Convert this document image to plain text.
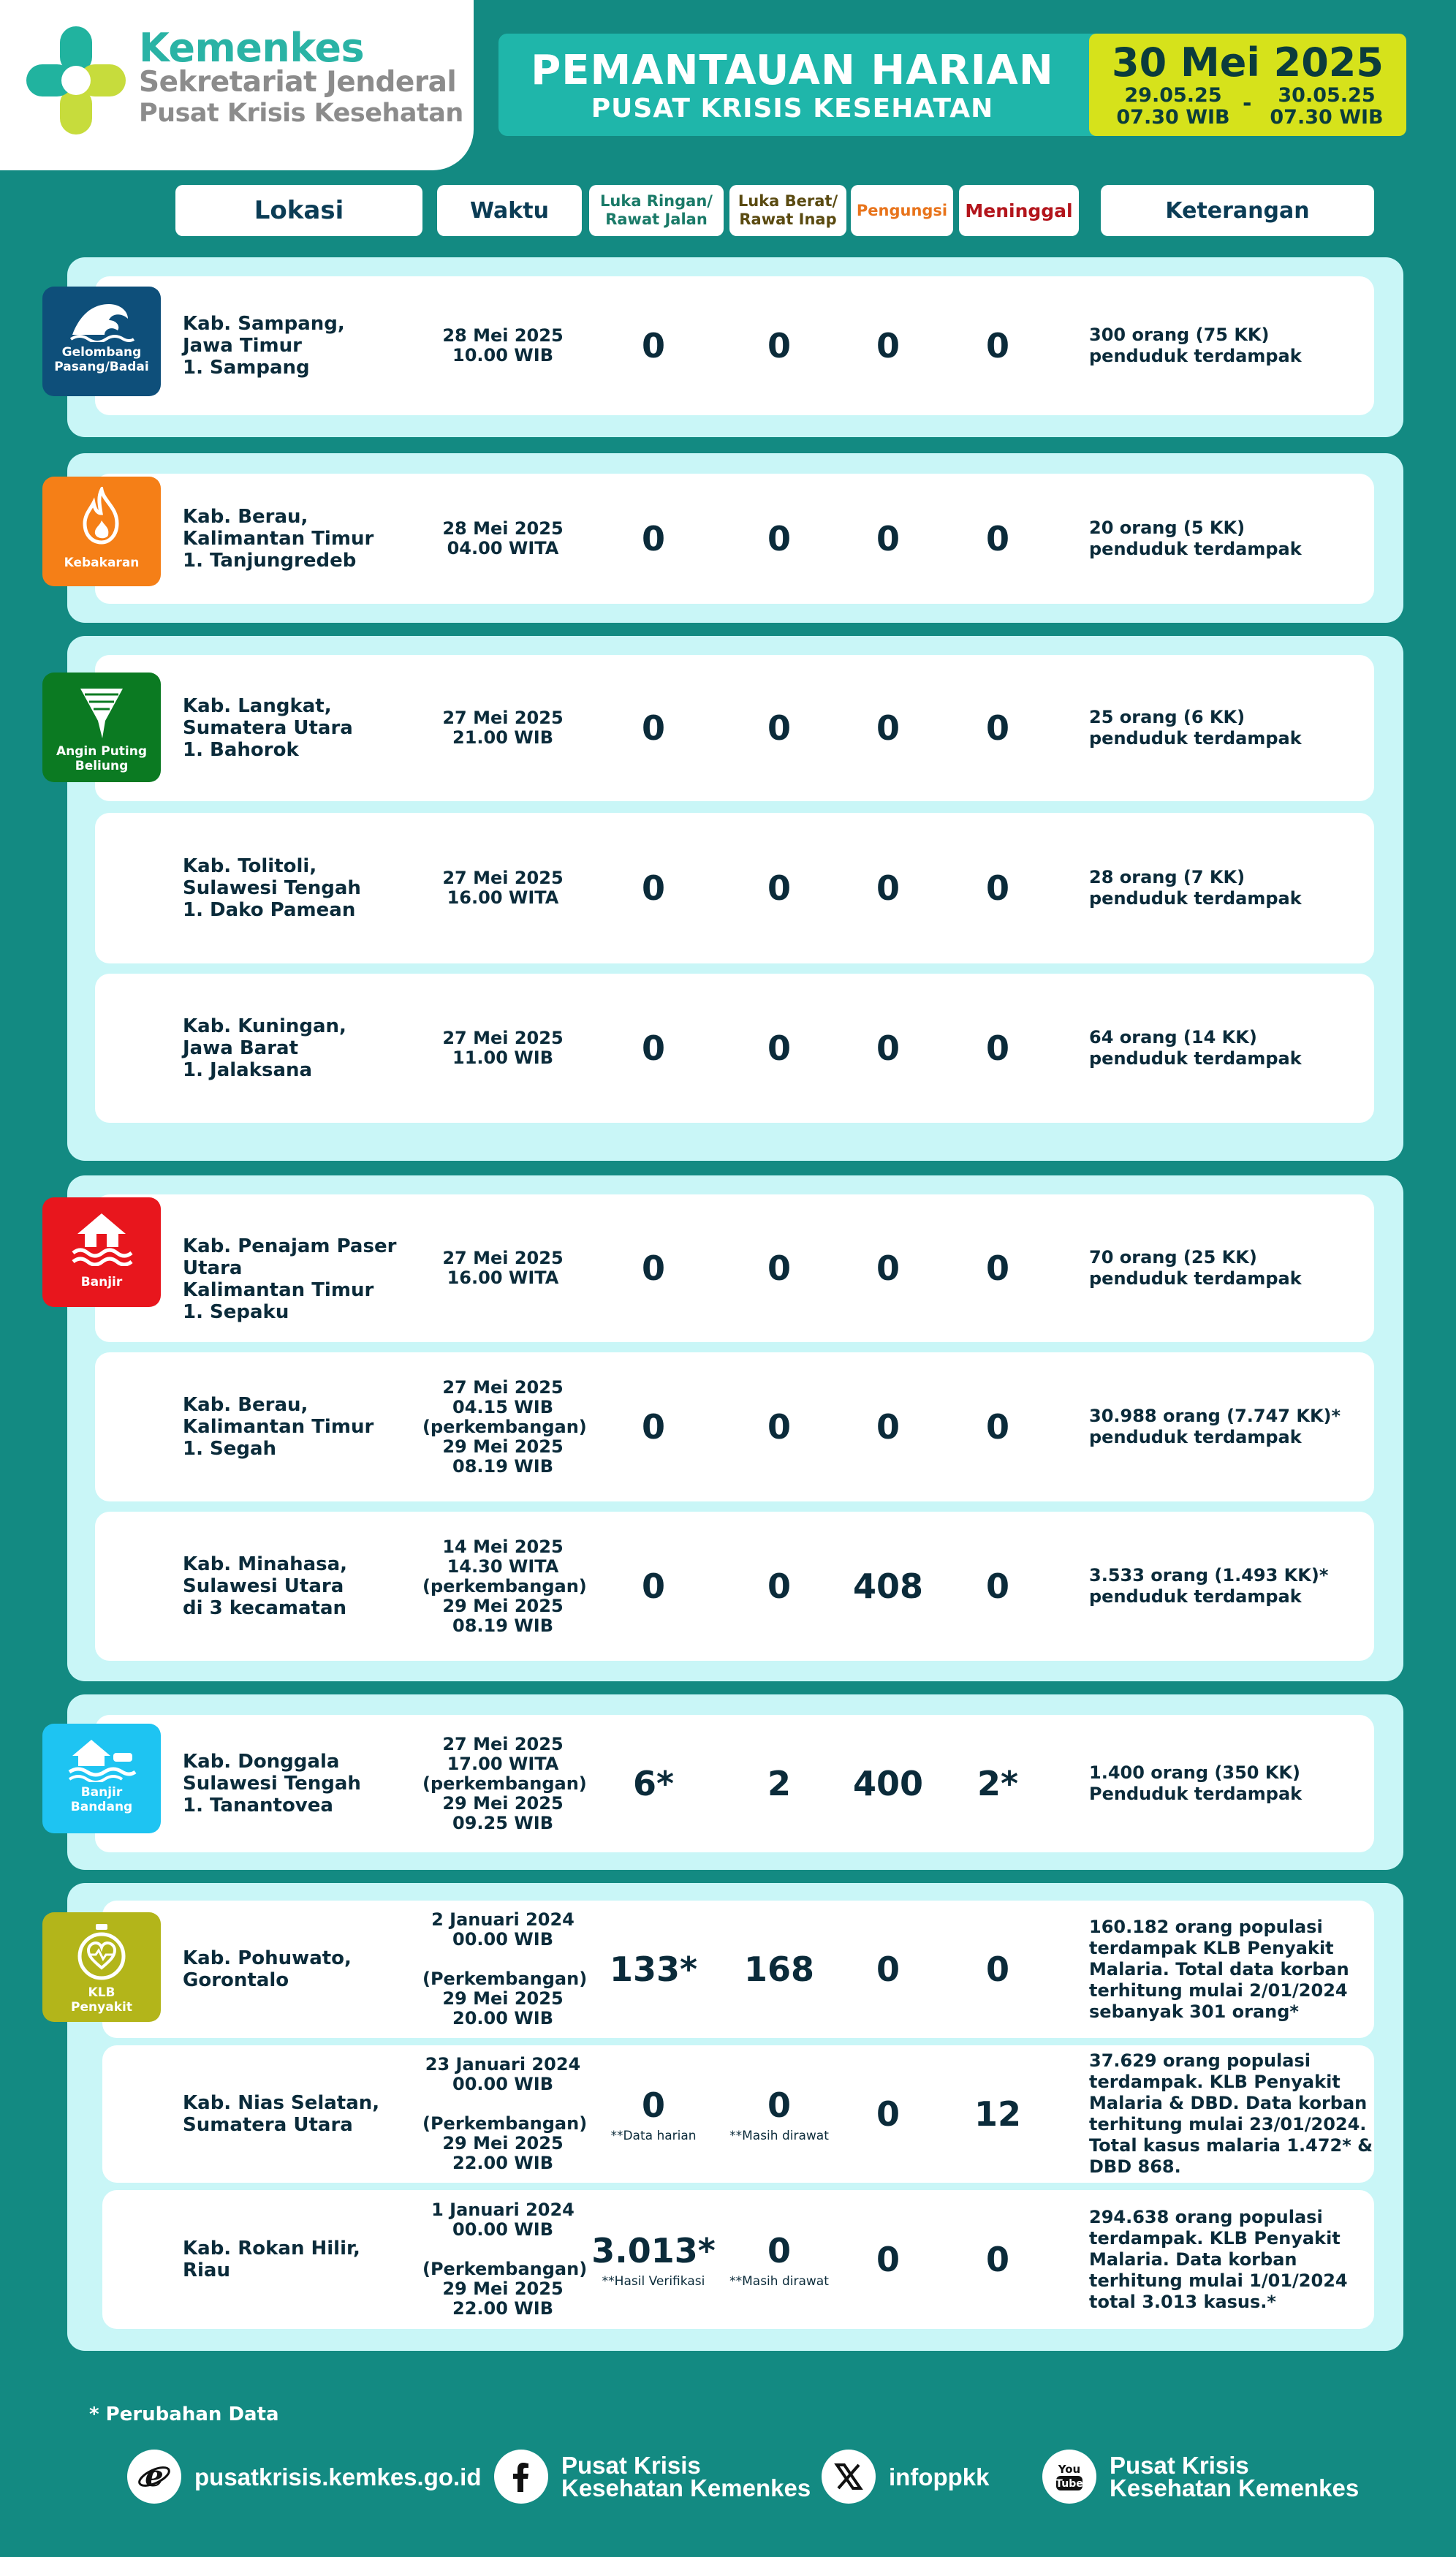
Kemenkes
Sekretariat Jenderal
Pusat Krisis Kesehatan
PEMANTAUAN HARIAN
PUSAT KRISIS KESEHATAN
30 Mei 2025
29.05.25
07.30 WIB
-	30.05.25
07.30 WIB
Lokasi	Waktu	Luka Ringan/
Rawat Jalan
Luka Berat/
Rawat Inap	Pengungsi Meninggal	Keterangan
Gelombang
Pasang/Badai
Kebakaran
Angin Puting
Beliung
Banjir
Banjir
Bandang
KLB
Penyakit
Kab. Sampang,
Jawa Timur
1. Sampang
28 Mei 2025
10.00 WIB	0	0	0	0	300 orang (75 KK)
penduduk terdampak
Kab. Berau,
Kalimantan Timur
1. Tanjungredeb
28 Mei 2025
04.00 WITA	0	0	0	0	20 orang (5 KK)
penduduk terdampak
Kab. Langkat,
Sumatera Utara
1. Bahorok
27 Mei 2025
21.00 WIB	0	0	0	0	25 orang (6 KK)
penduduk terdampak
Kab. Tolitoli,
Sulawesi Tengah
1. Dako Pamean
27 Mei 2025
16.00 WITA	0	0	0	0	28 orang (7 KK)
penduduk terdampak
Kab. Kuningan,
Jawa Barat
1. Jalaksana
27 Mei 2025
11.00 WIB	0	0	0	0	64 orang (14 KK)
penduduk terdampak
Kab. Penajam Paser Utara
Kalimantan Timur
1. Sepaku
27 Mei 2025
16.00 WITA	0	0	0	0	70 orang (25 KK)
penduduk terdampak
Kab. Berau,
Kalimantan Timur
1. Segah
27 Mei 2025
04.15 WIB
(perkembangan)
29 Mei 2025
08.19 WIB
0	0	0	0	30.988 orang (7.747 KK)*
penduduk terdampak
Kab. Minahasa,
Sulawesi Utara
di 3 kecamatan
14 Mei 2025
14.30 WITA
(perkembangan)
29 Mei 2025
08.19 WIB
0	0	408	0	3.533 orang (1.493 KK)*
penduduk terdampak
Kab. Donggala
Sulawesi Tengah
1. Tanantovea
27 Mei 2025
17.00 WITA
(perkembangan)
29 Mei 2025
09.25 WIB
6*	2	400	2*	1.400 orang (350 KK)
Penduduk terdampak
Kab. Pohuwato,
Gorontalo
2 Januari 2024
00.00 WIB

(Perkembangan)
29 Mei 2025
20.00 WIB
133*	168	0	0
160.182 orang populasi
terdampak KLB Penyakit
Malaria. Total data korban
terhitung mulai 2/01/2024
sebanyak 301 orang*
Kab. Nias Selatan,
Sumatera Utara
23 Januari 2024
00.00 WIB

(Perkembangan)
29 Mei 2025
22.00 WIB
0	0	0	12
**Data harian	**Masih dirawat
37.629 orang populasi
terdampak. KLB Penyakit
Malaria & DBD. Data korban
terhitung mulai 23/01/2024.
Total kasus malaria 1.472* &
DBD 868.
Kab. Rokan Hilir,
Riau
1 Januari 2024
00.00 WIB

(Perkembangan)
29 Mei 2025
22.00 WIB
3.013*	0	0	0
**Hasil Verifikasi	**Masih dirawat
294.638 orang populasi
terdampak. KLB Penyakit
Malaria. Data korban
terhitung mulai 1/01/2024
total 3.013 kasus.*
* Perubahan Data
e pusatkrisis.kemkes.go.id	Pusat Krisis
Kesehatan Kemenkes	infoppkk	You
Tube
Pusat Krisis
Kesehatan Kemenkes
